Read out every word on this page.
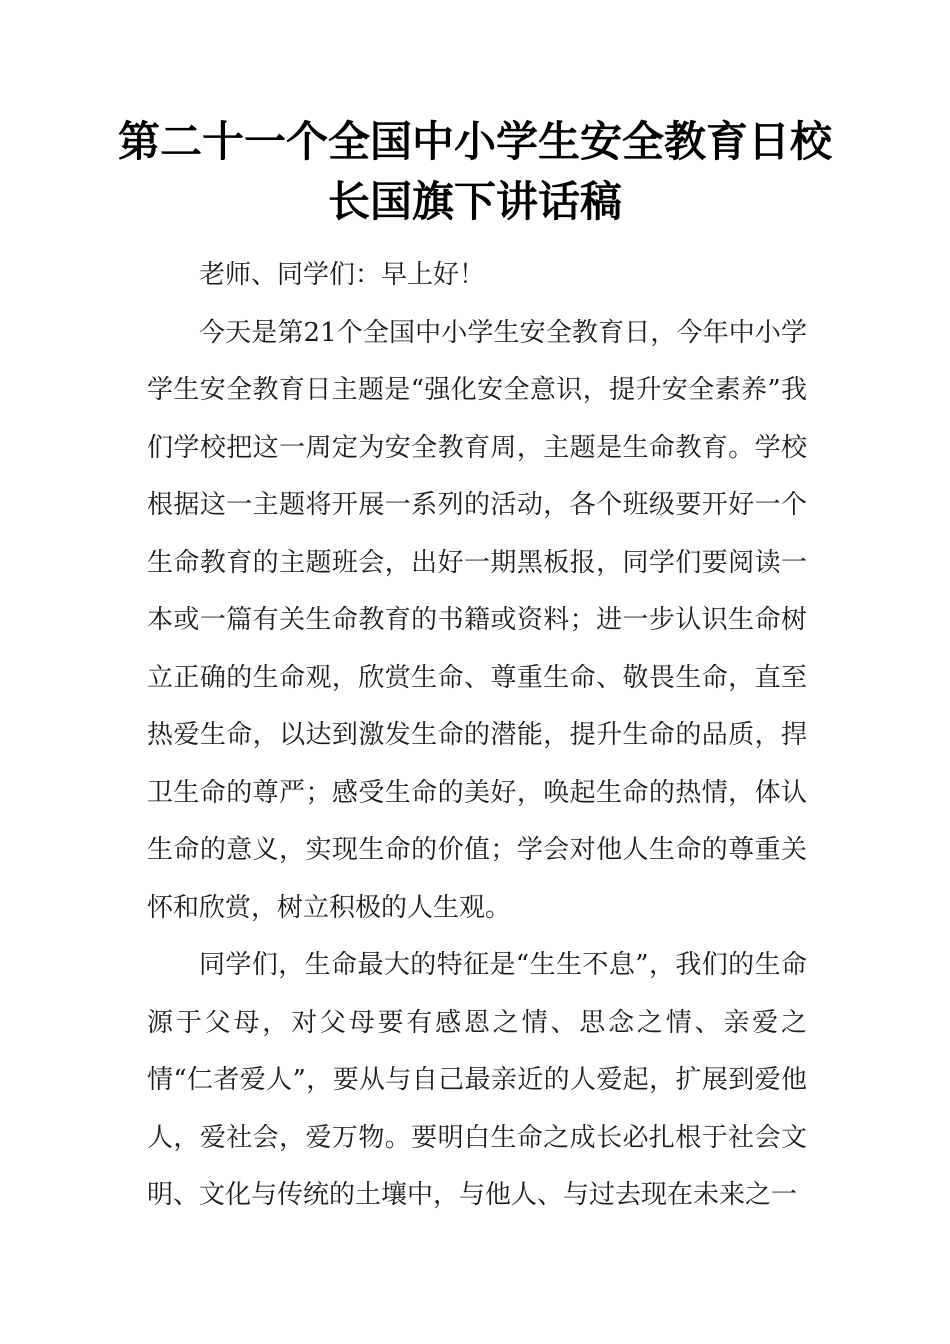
第二十一个全国中小学生安全教育日校长国旗下讲话稿

老师、同学们：早上好！

今天是第21个全国中小学生安全教育日，今年中小学学生安全教育日主题是“强化安全意识，提升安全素养”我们学校把这一周定为安全教育周，主题是生命教育。学校根据这一主题将开展一系列的活动，各个班级要开好一个生命教育的主题班会，出好一期黑板报，同学们要阅读一本或一篇有关生命教育的书籍或资料；进一步认识生命树立正确的生命观，欣赏生命、尊重生命、敬畏生命，直至热爱生命，以达到激发生命的潜能，提升生命的品质，捍卫生命的尊严；感受生命的美好，唤起生命的热情，体认生命的意义，实现生命的价值；学会对他人生命的尊重关怀和欣赏，树立积极的人生观。

同学们，生命最大的特征是“生生不息”，我们的生命源于父母，对父母要有感恩之情、思念之情、亲爱之情“仁者爱人”，要从与自己最亲近的人爱起，扩展到爱他人，爱社会，爱万物。要明白生命之成长必扎根于社会文明、文化与传统的土壤中，与他人、与过去现在未来之一
